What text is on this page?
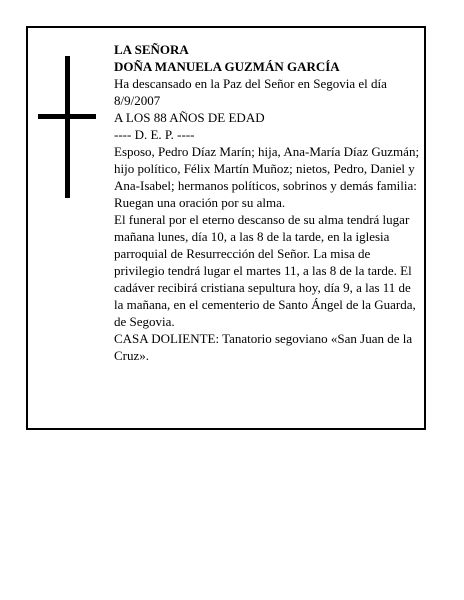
LA SEÑORA

DOÑA MANUELA GUZMÁN GARCÍA

Ha descansado en la Paz del Señor en Segovia el día 8/9/2007

A LOS 88 AÑOS DE EDAD

---- D. E. P. ----

Esposo, Pedro Díaz Marín; hija, Ana-María Díaz Guzmán; hijo político, Félix Martín Muñoz; nietos, Pedro, Daniel y Ana-Isabel; hermanos políticos, sobrinos y demás familia:

Ruegan una oración por su alma.

El funeral por el eterno descanso de su alma tendrá lugar mañana lunes, día 10, a las 8 de la tarde, en la iglesia parroquial de Resurrección del Señor. La misa de privilegio tendrá lugar el martes 11, a las 8 de la tarde. El cadáver recibirá cristiana sepultura hoy, día 9, a las 11 de la mañana, en el cementerio de Santo Ángel de la Guarda, de Segovia.

CASA DOLIENTE: Tanatorio segoviano «San Juan de la Cruz».
